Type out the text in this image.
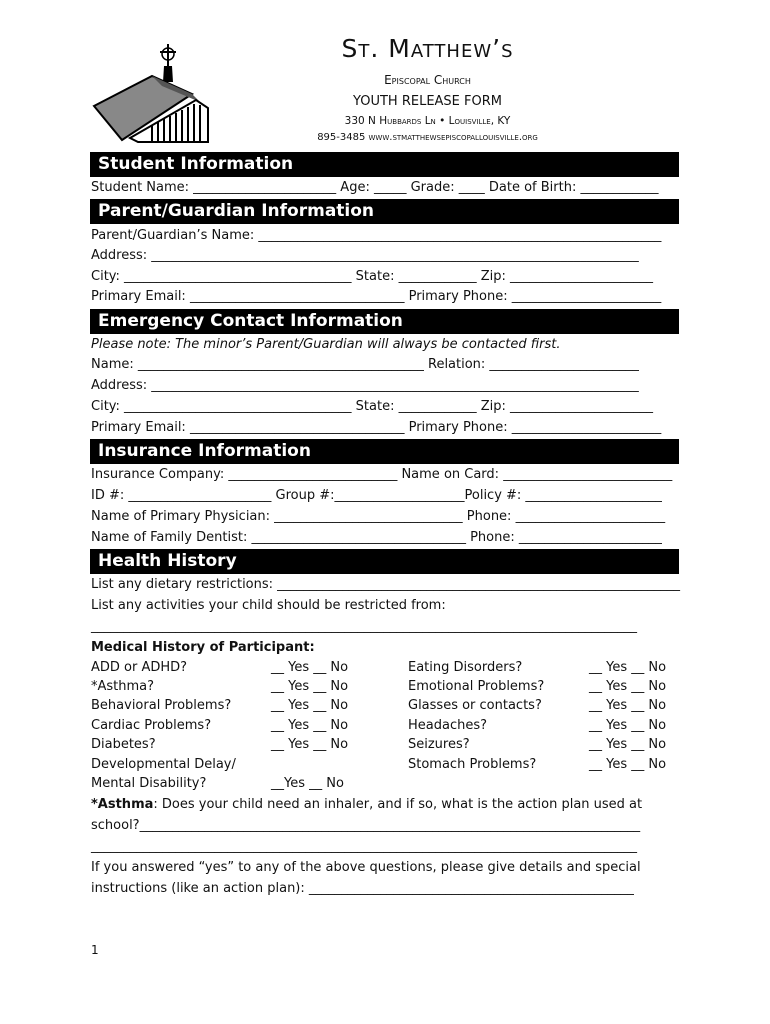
St. Matthew’s
Episcopal Church
YOUTH RELEASE FORM
330 N Hubbards Ln • Louisville, KY
895-3485 www.stmatthewsepiscopallouisville.org
Student Information
Student Name: ______________________ Age: _____ Grade: ____ Date of Birth: ____________
Parent/Guardian Information
Parent/Guardian’s Name: ______________________________________________________________
Address: ___________________________________________________________________________
City: ___________________________________ State: ____________ Zip: ______________________
Primary Email: _________________________________ Primary Phone: _______________________
Emergency Contact Information
Please note: The minor’s Parent/Guardian will always be contacted first.
Name: ____________________________________________ Relation: _______________________
Address: ___________________________________________________________________________
City: ___________________________________ State: ____________ Zip: ______________________
Primary Email: _________________________________ Primary Phone: _______________________
Insurance Information
Insurance Company: __________________________ Name on Card: __________________________
ID #: ______________________ Group #:____________________Policy #: _____________________
Name of Primary Physician: _____________________________ Phone: _______________________
Name of Family Dentist: _________________________________ Phone: ______________________
Health History
List any dietary restrictions: ______________________________________________________________
List any activities your child should be restricted from:
____________________________________________________________________________________
Medical History of Participant:
ADD or ADHD?	__ Yes __ No
*Asthma?	__ Yes __ No
Behavioral Problems?	__ Yes __ No
Cardiac Problems?	__ Yes __ No
Diabetes?	__ Yes __ No
Developmental Delay/
Mental Disability?	__Yes __ No
Eating Disorders?	__ Yes __ No
Emotional Problems?	__ Yes __ No
Glasses or contacts?	__ Yes __ No
Headaches?	__ Yes __ No
Seizures?	__ Yes __ No
Stomach Problems?	__ Yes __ No
*Asthma: Does your child need an inhaler, and if so, what is the action plan used at
school?_____________________________________________________________________________
____________________________________________________________________________________
If you answered “yes” to any of the above questions, please give details and special
instructions (like an action plan): __________________________________________________
1
